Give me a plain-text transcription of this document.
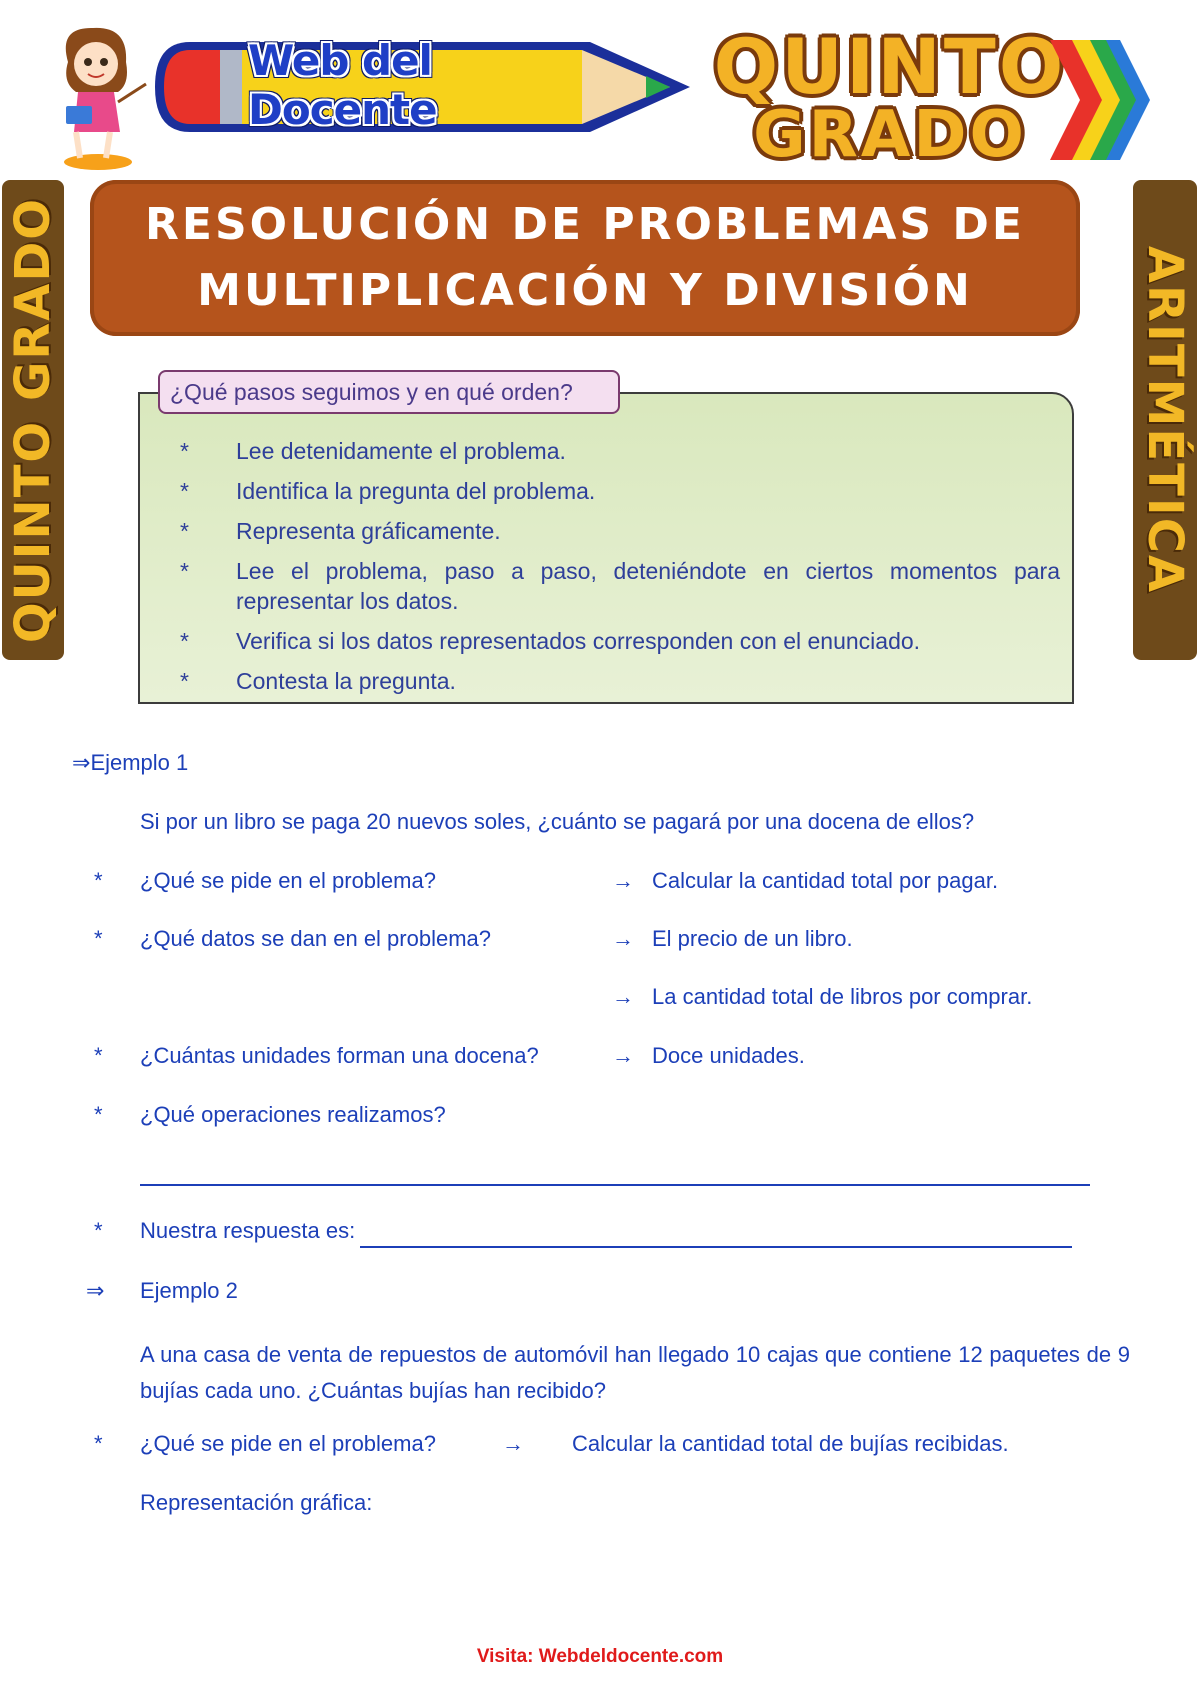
Web del Docente	QUINTO
GRADO
QUINTO GRADO	ARITMÉTICA
RESOLUCIÓN DE PROBLEMAS DE
MULTIPLICACIÓN Y DIVISIÓN
¿Qué pasos seguimos y en qué orden?
*	Lee detenidamente el problema.
*	Identifica la pregunta del problema.
*	Representa gráficamente.
*	Lee el problema, paso a paso, deteniéndote en ciertos momentos para representar los datos.
*	Verifica si los datos representados corresponden con el enunciado.
*	Contesta la pregunta.
⇒Ejemplo 1
Si por un libro se paga 20 nuevos soles, ¿cuánto se pagará por una docena de ellos?
* ¿Qué se pide en el problema?	→ Calcular la cantidad total por pagar.
* ¿Qué datos se dan en el problema?	→ El precio de un libro.
→ La cantidad total de libros por comprar.
* ¿Cuántas unidades forman una docena?	→ Doce unidades.
* ¿Qué operaciones realizamos?
* Nuestra respuesta es:
⇒ Ejemplo 2
A una casa de venta de repuestos de automóvil han llegado 10 cajas que contiene 12 paquetes de 9 bujías cada uno. ¿Cuántas bujías han recibido?
* ¿Qué se pide en el problema?	→ Calcular la cantidad total de bujías recibidas.
Representación gráfica:
Visita: Webdeldocente.com
